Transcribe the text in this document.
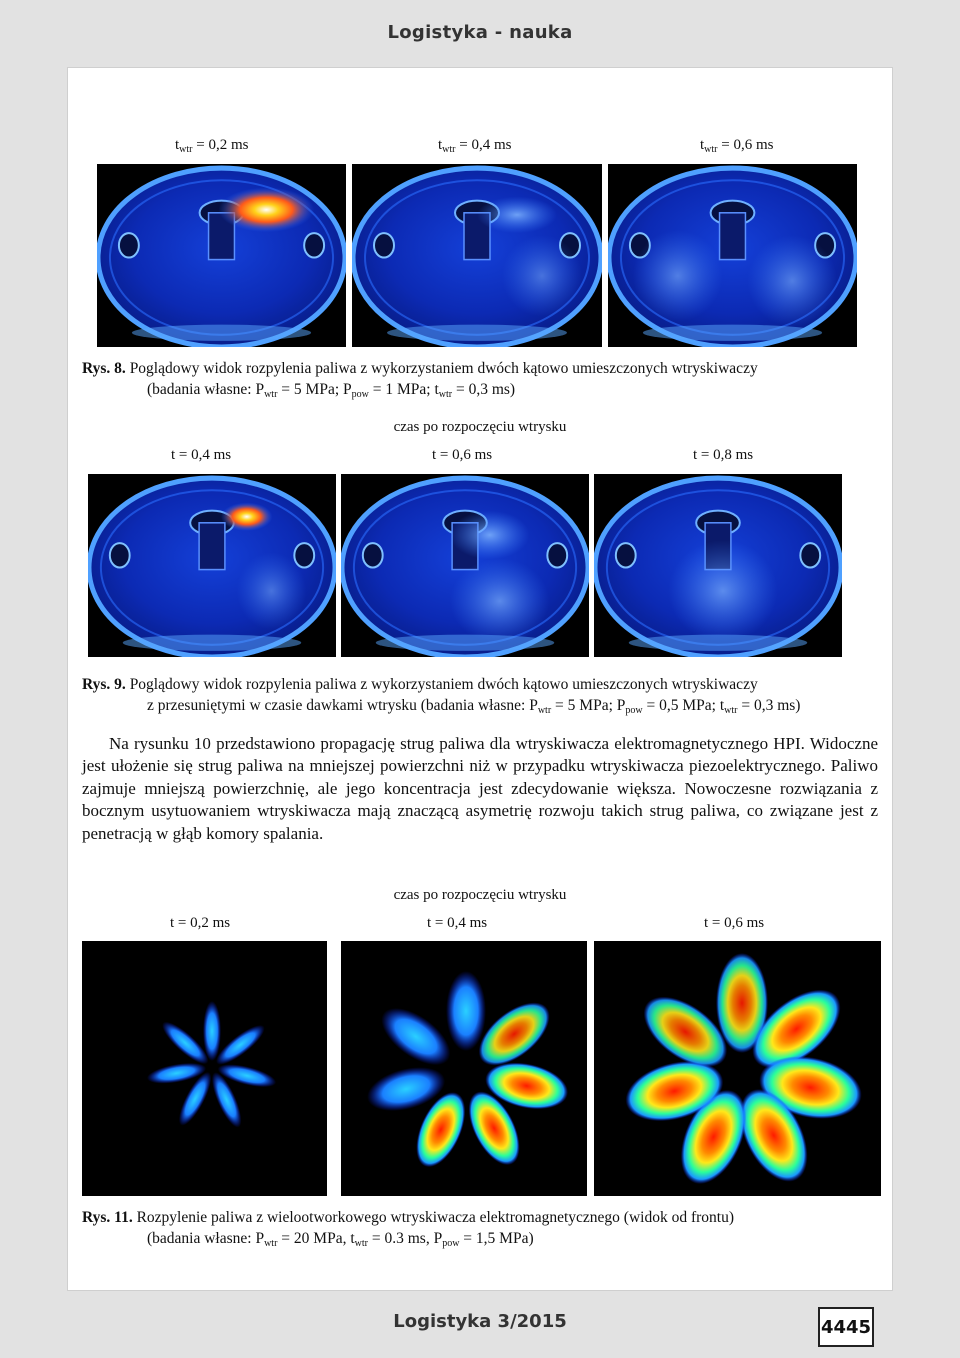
Logistyka - nauka
$t_{wtr} = 0,2$ ms	$t_{wtr} = 0,4$ ms	$t_{wtr} = 0,6$ ms
Rys. 8. Poglądowy widok rozpylenia paliwa z wykorzystaniem dwóch kątowo umieszczonych wtryskiwaczy
(badania własne: $P_{wtr} = 5$ MPa; $P_{pow} = 1$ MPa; $t_{wtr} = 0,3$ ms)
czas po rozpoczęciu wtrysku
t = 0,4 ms	t = 0,6 ms	t = 0,8 ms
Rys. 9. Poglądowy widok rozpylenia paliwa z wykorzystaniem dwóch kątowo umieszczonych wtryskiwaczy
z przesuniętymi w czasie dawkami wtrysku (badania własne: $P_{wtr} = 5$ MPa; $P_{pow} = 0,5$ MPa; $t_{wtr} = 0,3$ ms)

Na rysunku 10 przedstawiono propagację strug paliwa dla wtryskiwacza elektromagnetycznego HPI. Widoczne jest ułożenie się strug paliwa na mniejszej powierzchni niż w przypadku wtryskiwacza piezoelektrycznego. Paliwo zajmuje mniejszą powierzchnię, ale jego koncentracja jest zdecydowanie większa. Nowoczesne rozwiązania z bocznym usytuowaniem wtryskiwacza mają znaczącą asymetrię rozwoju takich strug paliwa, co związane jest z penetracją w głąb komory spalania.

czas po rozpoczęciu wtrysku
t = 0,2 ms	t = 0,4 ms	t = 0,6 ms
Rys. 11. Rozpylenie paliwa z wielootworkowego wtryskiwacza elektromagnetycznego (widok od frontu)
(badania własne: $P_{wtr} = 20$ MPa, $t_{wtr} = 0.3$ ms, $P_{pow} = 1,5$ MPa)
Logistyka 3/2015	4445
